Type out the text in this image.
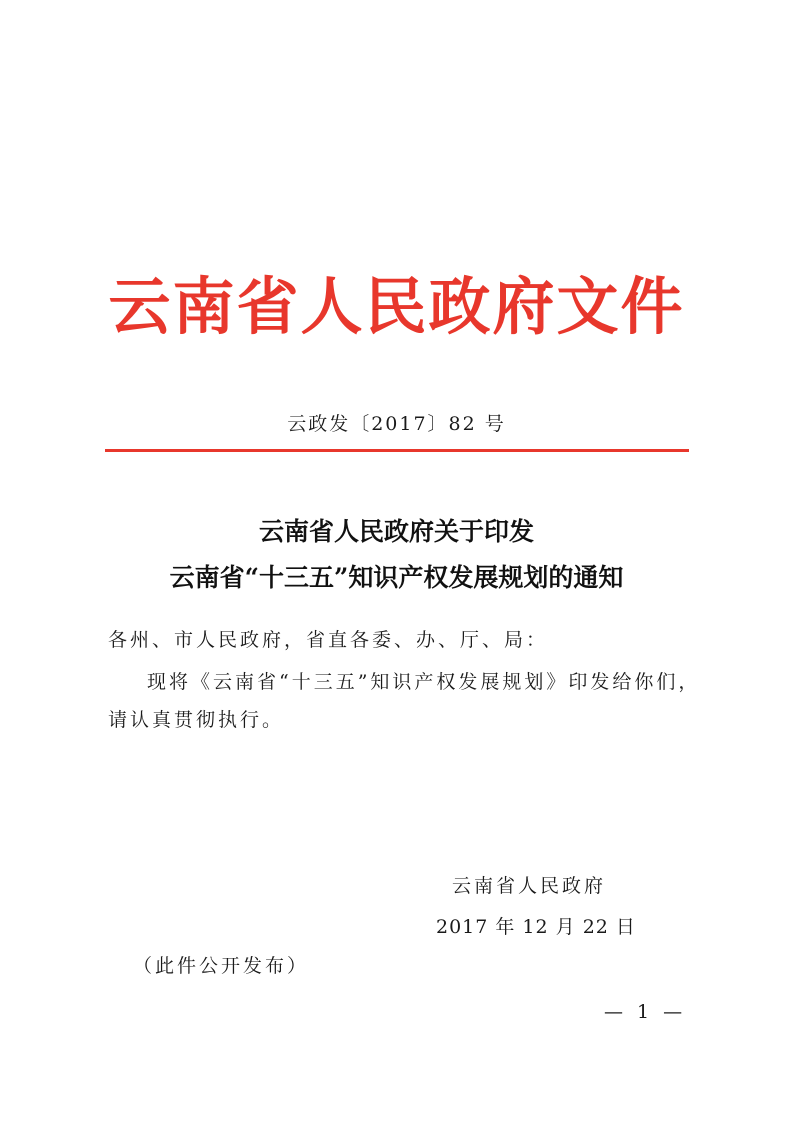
云南省人民政府文件
云政发〔2017〕82 号
云南省人民政府关于印发
云南省“十三五”知识产权发展规划的通知
各州、市人民政府，省直各委、办、厅、局：
现将《云南省“十三五”知识产权发展规划》印发给你们，
请认真贯彻执行。
云南省人民政府
2017 年 12 月 22 日
（此件公开发布）
— 1 —
